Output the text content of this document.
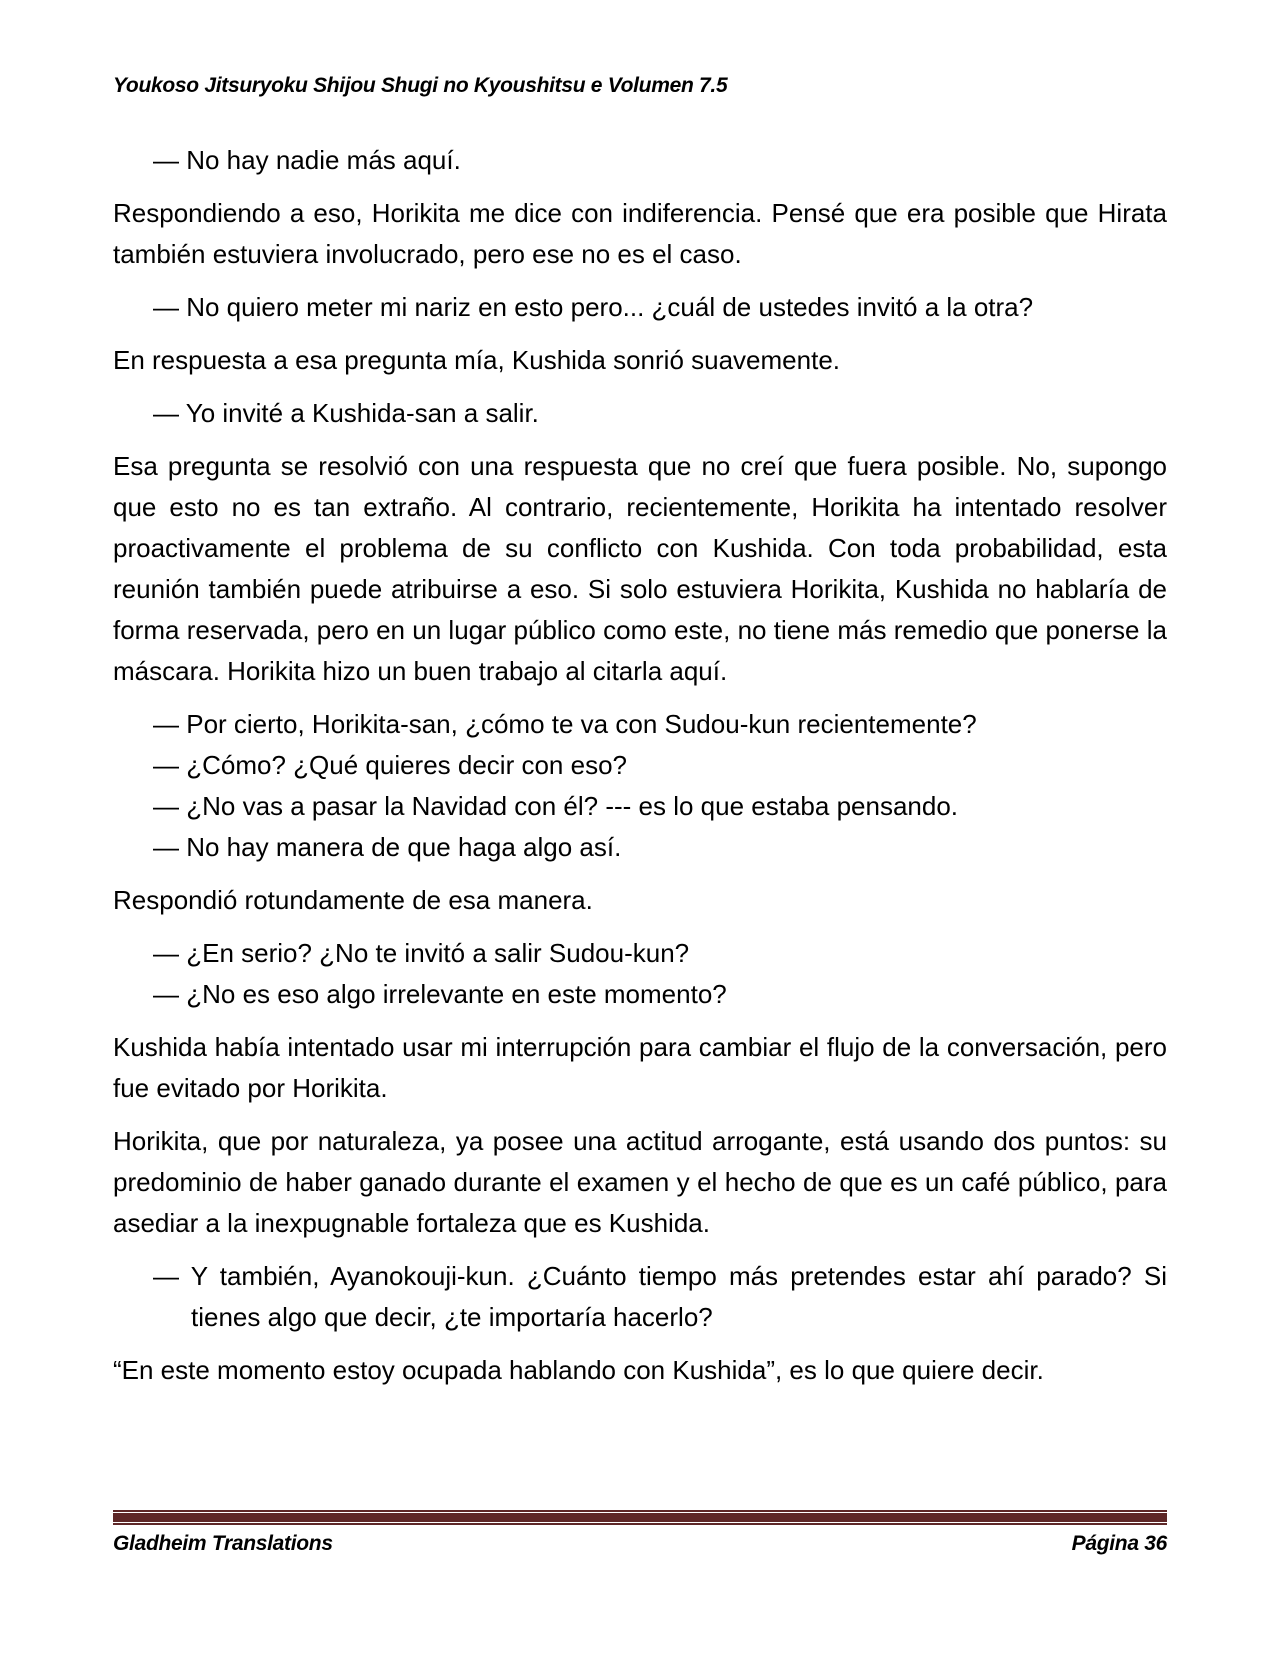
Youkoso Jitsuryoku Shijou Shugi no Kyoushitsu e Volumen 7.5
— No hay nadie más aquí.
Respondiendo a eso, Horikita me dice con indiferencia. Pensé que era posible que Hirata también estuviera involucrado, pero ese no es el caso.
— No quiero meter mi nariz en esto pero... ¿cuál de ustedes invitó a la otra?
En respuesta a esa pregunta mía, Kushida sonrió suavemente.
— Yo invité a Kushida-san a salir.
Esa pregunta se resolvió con una respuesta que no creí que fuera posible. No, supongo que esto no es tan extraño. Al contrario, recientemente, Horikita ha intentado resolver proactivamente el problema de su conflicto con Kushida. Con toda probabilidad, esta reunión también puede atribuirse a eso. Si solo estuviera Horikita, Kushida no hablaría de forma reservada, pero en un lugar público como este, no tiene más remedio que ponerse la máscara. Horikita hizo un buen trabajo al citarla aquí.
— Por cierto, Horikita-san, ¿cómo te va con Sudou-kun recientemente?
— ¿Cómo? ¿Qué quieres decir con eso?
— ¿No vas a pasar la Navidad con él? --- es lo que estaba pensando.
— No hay manera de que haga algo así.
Respondió rotundamente de esa manera.
— ¿En serio? ¿No te invitó a salir Sudou-kun?
— ¿No es eso algo irrelevante en este momento?
Kushida había intentado usar mi interrupción para cambiar el flujo de la conversación, pero fue evitado por Horikita.
Horikita, que por naturaleza, ya posee una actitud arrogante, está usando dos puntos: su predominio de haber ganado durante el examen y el hecho de que es un café público, para asediar a la inexpugnable fortaleza que es Kushida.
— Y también, Ayanokouji-kun. ¿Cuánto tiempo más pretendes estar ahí parado? Si tienes algo que decir, ¿te importaría hacerlo?
“En este momento estoy ocupada hablando con Kushida”, es lo que quiere decir.
Gladheim Translations	Página 36
